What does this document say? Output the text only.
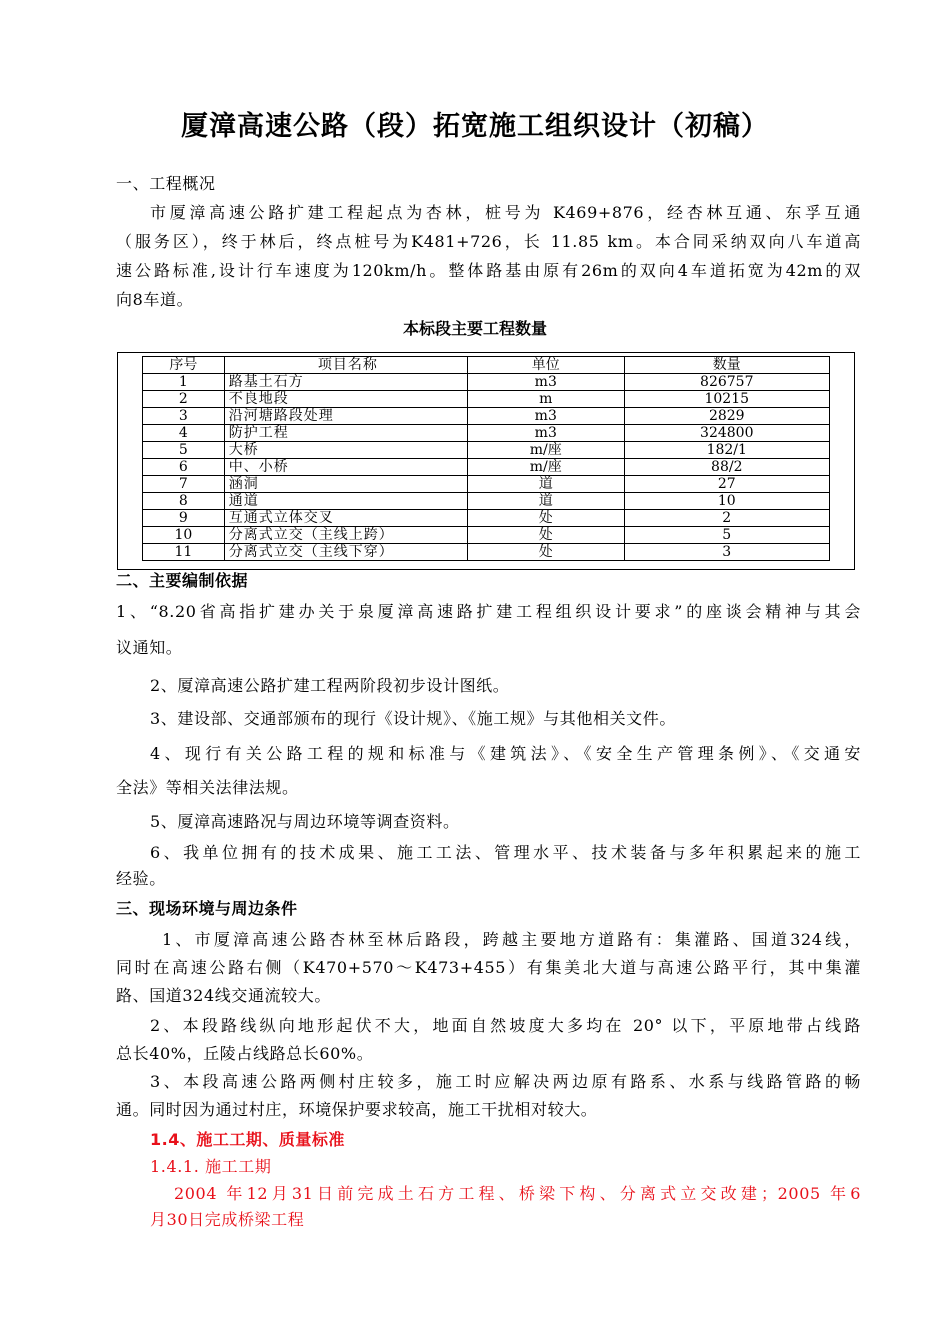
厦漳高速公路（段）拓宽施工组织设计（初稿）
一、工程概况
市厦漳高速公路扩建工程起点为杏林，桩号为 K469+876，经杏林互通、东孚互通
（服务区），终于林后，终点桩号为K481+726，长 11.85 km。本合同采纳双向八车道高
速公路标准,设计行车速度为120km/h。整体路基由原有26m的双向4车道拓宽为42m的双
向8车道。
本标段主要工程数量
序号	项目名称	单位	数量
1	路基土石方	m3	826757
2	不良地段	m	10215
3	沿河塘路段处理	m3	2829
4	防护工程	m3	324800
5	大桥	m/座	182/1
6	中、小桥	m/座	88/2
7	涵洞	道	27
8	通道	道	10
9	互通式立体交叉	处	2
10	分离式立交（主线上跨）	处	5
11	分离式立交（主线下穿）	处	3
二、主要编制依据
1、“8.20省高指扩建办关于泉厦漳高速路扩建工程组织设计要求”的座谈会精神与其会
议通知。
2、厦漳高速公路扩建工程两阶段初步设计图纸。
3、建设部、交通部颁布的现行《设计规》、《施工规》与其他相关文件。
4、现行有关公路工程的规和标准与《建筑法》、《安全生产管理条例》、《交通安
全法》等相关法律法规。
5、厦漳高速路况与周边环境等调查资料。
6、我单位拥有的技术成果、施工工法、管理水平、技术装备与多年积累起来的施工
经验。
三、现场环境与周边条件
1、市厦漳高速公路杏林至林后路段，跨越主要地方道路有：集灌路、国道324线，
同时在高速公路右侧（K470+570～K473+455）有集美北大道与高速公路平行，其中集灌
路、国道324线交通流较大。
2、本段路线纵向地形起伏不大，地面自然坡度大多均在 20° 以下，平原地带占线路
总长40%，丘陵占线路总长60%。
3、本段高速公路两侧村庄较多，施工时应解决两边原有路系、水系与线路管路的畅
通。同时因为通过村庄，环境保护要求较高，施工干扰相对较大。
1.4、施工工期、质量标准
1.4.1. 施工工期
2004 年12月31日前完成土石方工程、桥梁下构、分离式立交改建；2005 年6
月30日完成桥梁工程
